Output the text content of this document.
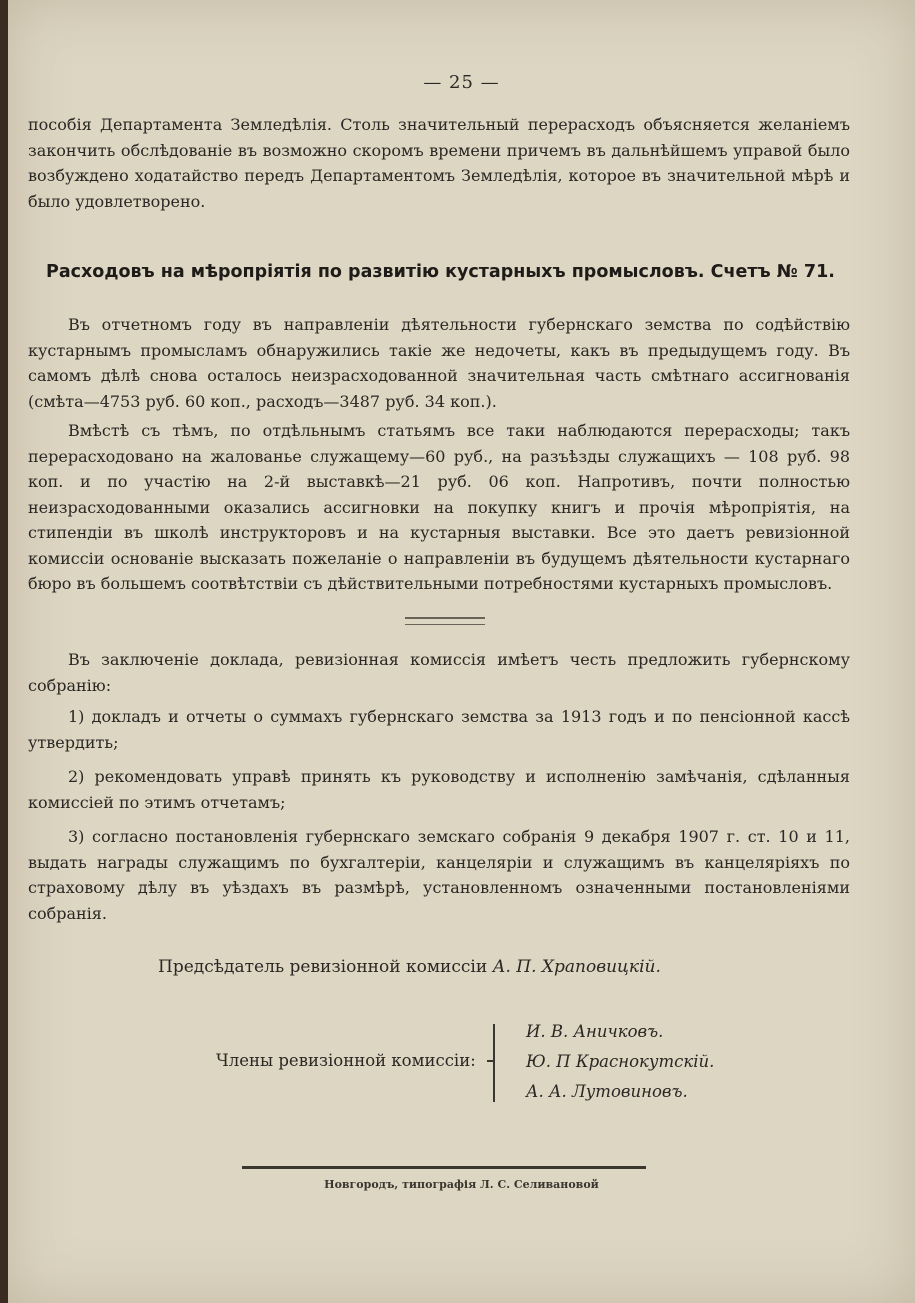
— 25 —

пособія Департамента Земледѣлія. Столь значительный перерасходъ объясняется желаніемъ закончить обслѣдованіе въ возможно скоромъ времени причемъ въ дальнѣйшемъ управой было возбуждено ходатайство передъ Департаментомъ Земледѣлія, которое въ значительной мѣрѣ и было удовлетворено.

Расходовъ на мѣропріятія по развитію кустарныхъ промысловъ. Счетъ № 71.

Въ отчетномъ году въ направленіи дѣятельности губернскаго земства по содѣйствію кустарнымъ промысламъ обнаружились такіе же недочеты, какъ въ предыдущемъ году. Въ самомъ дѣлѣ снова осталось неизрасходованной значительная часть смѣтнаго ассигнованія (смѣта—4753 руб. 60 коп., расходъ—3487 руб. 34 коп.).

Вмѣстѣ съ тѣмъ, по отдѣльнымъ статьямъ все таки наблюдаются перерасходы; такъ перерасходовано на жалованье служащему—60 руб., на разъѣзды служащихъ — 108 руб. 98 коп. и по участію на 2-й выставкѣ—21 руб. 06 коп. Напротивъ, почти полностью неизрасходованными оказались ассигновки на покупку книгъ и прочія мѣропріятія, на стипендіи въ школѣ инструкторовъ и на кустарныя выставки. Все это даетъ ревизіонной комиссіи основаніе высказать пожеланіе о направленіи въ будущемъ дѣятельности кустарнаго бюро въ большемъ соотвѣтствіи съ дѣйствительными потребностями кустарныхъ промысловъ.

Въ заключеніе доклада, ревизіонная комиссія имѣетъ честь предложить губернскому собранію:

1) докладъ и отчеты о суммахъ губернскаго земства за 1913 годъ и по пенсіонной кассѣ утвердить;

2) рекомендовать управѣ принять къ руководству и исполненію замѣчанія, сдѣланныя комиссіей по этимъ отчетамъ;

3) согласно постановленія губернскаго земскаго собранія 9 декабря 1907 г. ст. 10 и 11, выдать награды служащимъ по бухгалтеріи, канцеляріи и служащимъ въ канцеляріяхъ по страховому дѣлу въ уѣздахъ въ размѣрѣ, установленномъ означенными постановленіями собранія.

Предсѣдатель ревизіонной комиссіи А. П. Храповицкій.
Члены ревизіонной комиссіи:
И. В. Аничковъ.
Ю. П Краснокутскій.
А. А. Лутовиновъ.
Новгородъ, типографія Л. С. Селивановой
